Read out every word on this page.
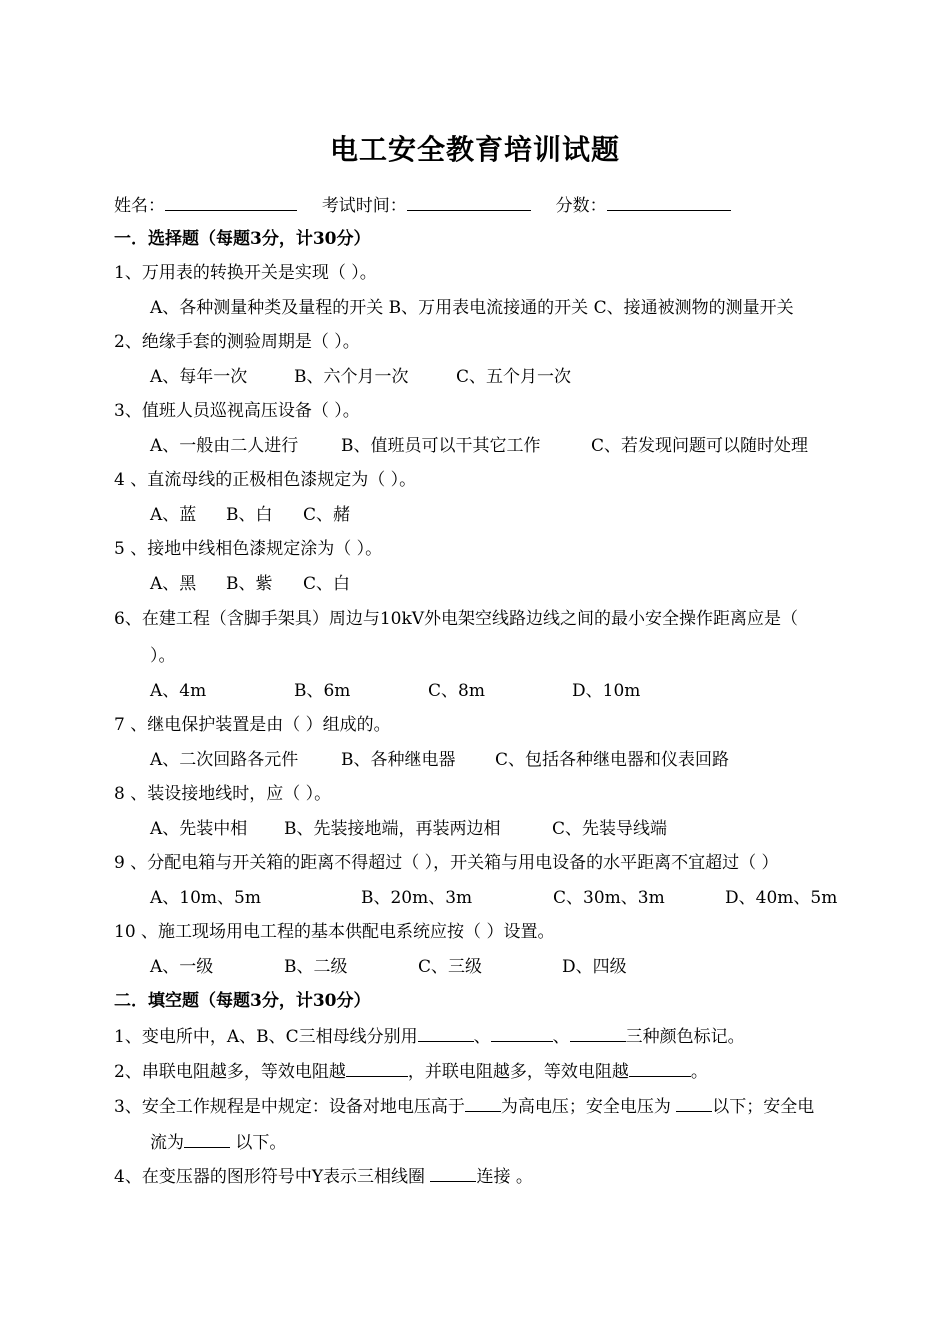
电工安全教育培训试题
姓名：	考试时间：	分数：
一．选择题（每题3分，计30分）
1、万用表的转换开关是实现（ ）。
A、各种测量种类及量程的开关 B、万用表电流接通的开关 C、接通被测物的测量开关
2、绝缘手套的测验周期是（ ）。
A、每年一次	B、六个月一次	C、五个月一次
3、值班人员巡视高压设备（ ）。
A、一般由二人进行	B、值班员可以干其它工作	C、若发现问题可以随时处理
4 、直流母线的正极相色漆规定为（ ）。
A、蓝 B、白 C、赭
5 、接地中线相色漆规定涂为（ ）。
A、黑 B、紫 C、白
6、在建工程（含脚手架具）周边与10kV外电架空线路边线之间的最小安全操作距离应是（
）。
A、4m	B、6m	C、8m	D、10m
7 、继电保护装置是由（ ）组成的。
A、二次回路各元件	B、各种继电器 C、包括各种继电器和仪表回路
8 、装设接地线时，应（ ）。
A、先装中相 B、先装接地端，再装两边相	C、先装导线端
9 、分配电箱与开关箱的距离不得超过（ ），开关箱与用电设备的水平距离不宜超过（ ）
A、10m、5m	B、20m、3m	C、30m、3m	D、40m、5m
10 、施工现场用电工程的基本供配电系统应按（ ）设置。
A、一级	B、二级	C、三级	D、四级
二．填空题（每题3分，计30分）
1、变电所中，A、B、C三相母线分别用	、	、	三种颜色标记。
2、串联电阻越多，等效电阻越	，并联电阻越多，等效电阻越	。
3、安全工作规程是中规定：设备对地电压高于 为高电压；安全电压为 以下；安全电
流为	以下。
4、在变压器的图形符号中Y表示三相线圈	连接 。
